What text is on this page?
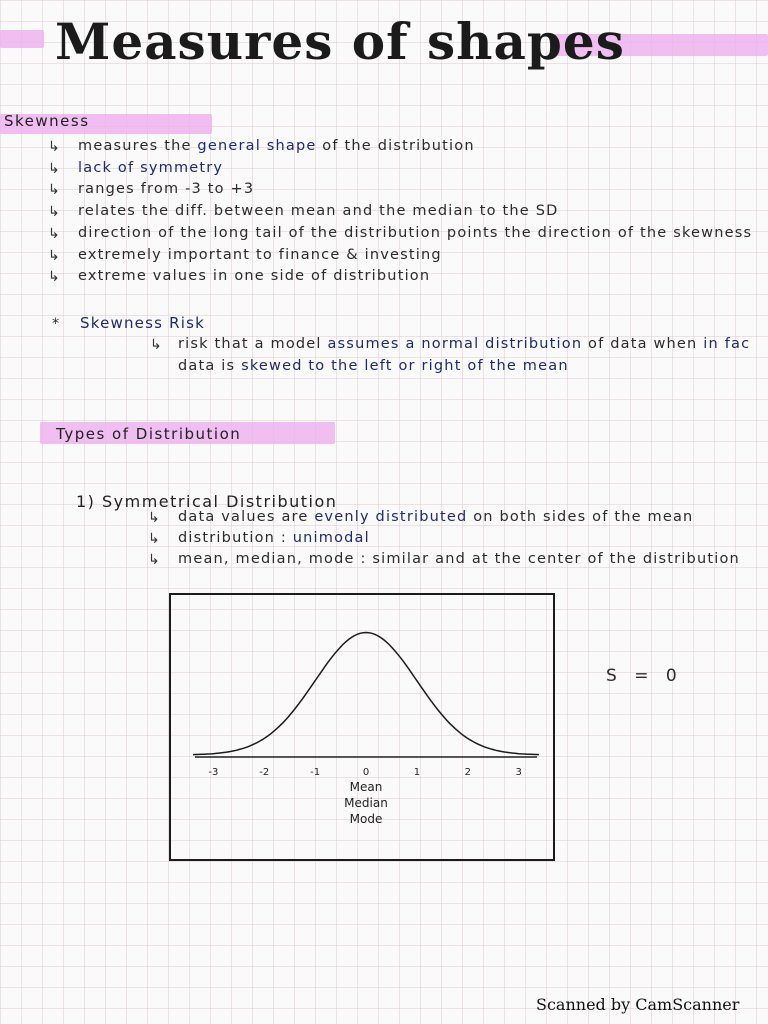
Measures of shapes
Skewness
↳ measures the general shape of the distribution
↳ lack of symmetry
↳ ranges from -3 to +3
↳ relates the diff. between mean and the median to the SD
↳ direction of the long tail of the distribution points the direction of the skewness
↳ extremely important to finance & investing
↳ extreme values in one side of distribution
* Skewness Risk
↳ risk that a model assumes a normal distribution of data when in fac
data is skewed to the left or right of the mean
Types of Distribution
1) Symmetrical Distribution
↳ data values are evenly distributed on both sides of the mean
↳ distribution : unimodal
↳ mean, median, mode : similar and at the center of the distribution
-3	-2	-1	0	1	2	3
Mean
Median
Mode
S = 0
Scanned by CamScanner
